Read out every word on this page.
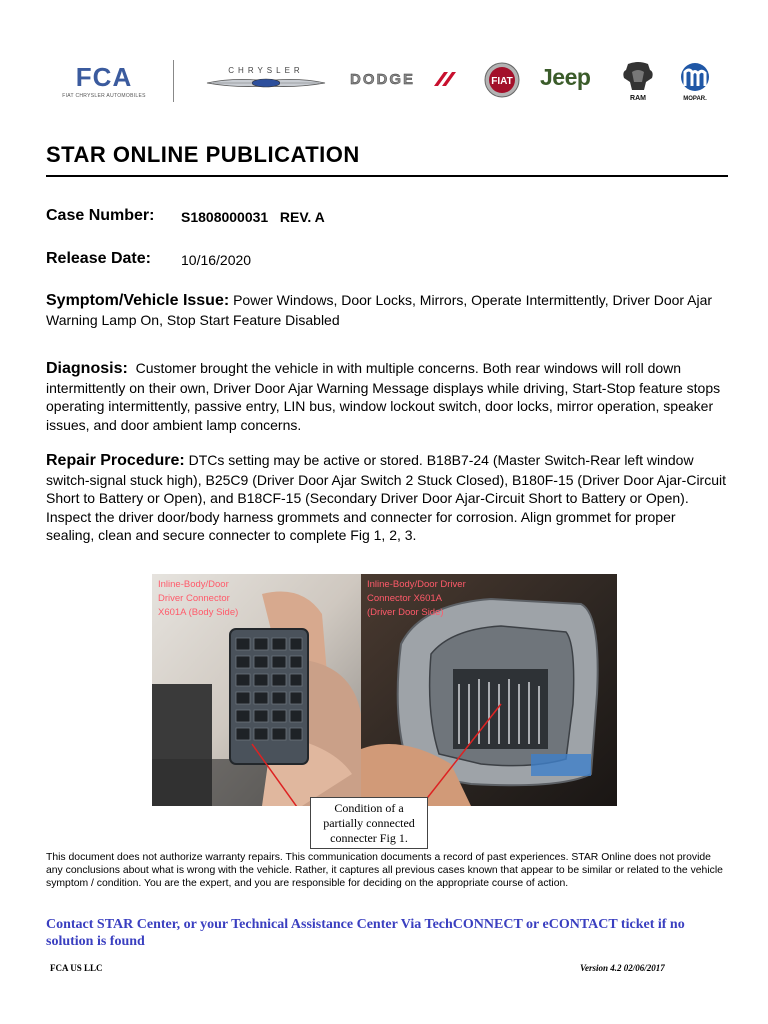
FCA
FIAT CHRYSLER AUTOMOBILES
CHRYSLER
DODGE	FIAT Jeep
RAM	MOPAR.
STAR ONLINE PUBLICATION
Case Number: S1808000031   REV. A
Release Date: 10/16/2020
Symptom/Vehicle Issue: Power Windows, Door Locks, Mirrors, Operate Intermittently, Driver Door Ajar Warning Lamp On, Stop Start Feature Disabled
Diagnosis: Customer brought the vehicle in with multiple concerns. Both rear windows will roll down intermittently on their own, Driver Door Ajar Warning Message displays while driving, Start-Stop feature stops operating intermittently, passive entry, LIN bus, window lockout switch, door locks, mirror operation, speaker issues, and door ambient lamp concerns.
Repair Procedure: DTCs setting may be active or stored. B18B7-24 (Master Switch-Rear left window switch-signal stuck high), B25C9 (Driver Door Ajar Switch 2 Stuck Closed), B180F-15 (Driver Door Ajar-Circuit Short to Battery or Open), and B18CF-15 (Secondary Driver Door Ajar-Circuit Short to Battery or Open). Inspect the driver door/body harness grommets and connecter for corrosion. Align grommet for proper sealing, clean and secure connecter to complete Fig 1, 2, 3.
Inline-Body/Door
Driver Connector
X601A (Body Side)
Inline-Body/Door Driver
Connector X601A
(Driver Door Side)
Condition of a
partially connected
connecter Fig 1.
This document does not authorize warranty repairs. This communication documents a record of past experiences. STAR Online does not provide any conclusions about what is wrong with the vehicle. Rather, it captures all previous cases known that appear to be similar or related to the vehicle symptom / condition. You are the expert, and you are responsible for deciding on the appropriate course of action.
Contact STAR Center, or your Technical Assistance Center Via TechCONNECT or eCONTACT ticket if no solution is found
FCA US LLC	Version 4.2 02/06/2017
